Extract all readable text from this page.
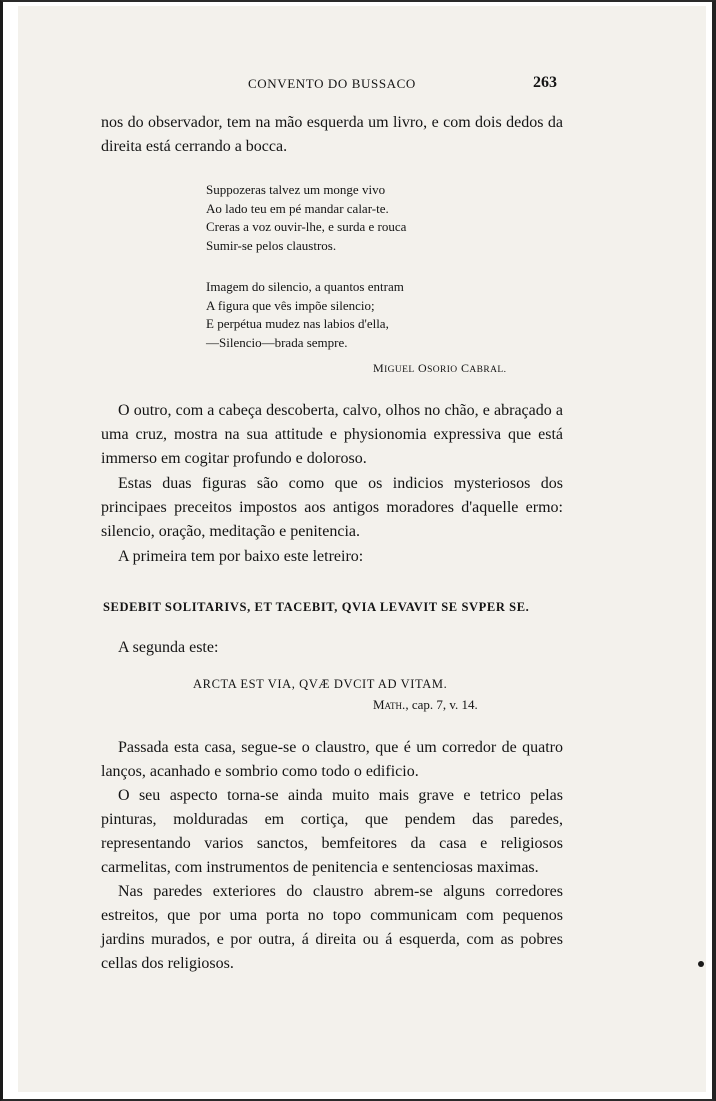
CONVENTO DO BUSSACO	263

nos do observador, tem na mão esquerda um livro, e com dois dedos da direita está cerrando a bocca.

Suppozeras talvez um monge vivo
Ao lado teu em pé mandar calar-te.
Creras a voz ouvir-lhe, e surda e rouca
Sumir-se pelos claustros.
Imagem do silencio, a quantos entram
A figura que vês impõe silencio;
E perpétua mudez nas labios d'ella,
—Silencio—brada sempre.
MIGUEL OSORIO CABRAL.

O outro, com a cabeça descoberta, calvo, olhos no chão, e abraçado a uma cruz, mostra na sua attitude e physionomia expressiva que está immerso em cogitar profundo e doloroso.

Estas duas figuras são como que os indicios mysteriosos dos principaes preceitos impostos aos antigos moradores d'aquelle ermo: silencio, oração, meditação e penitencia.

A primeira tem por baixo este letreiro:

SEDEBIT SOLITARIVS, ET TACEBIT, QVIA LEVAVIT SE SVPER SE.
A segunda este:
ARCTA EST VIA, QVÆ DVCIT AD VITAM.
Math., cap. 7, v. 14.

Passada esta casa, segue-se o claustro, que é um corredor de quatro lanços, acanhado e sombrio como todo o edificio.

O seu aspecto torna-se ainda muito mais grave e tetrico pelas pinturas, molduradas em cortiça, que pendem das paredes, representando varios sanctos, bemfeitores da casa e religiosos carmelitas, com instrumentos de penitencia e sentenciosas maximas.

Nas paredes exteriores do claustro abrem-se alguns corredores estreitos, que por uma porta no topo communicam com pequenos jardins murados, e por outra, á direita ou á esquerda, com as pobres cellas dos religiosos.
